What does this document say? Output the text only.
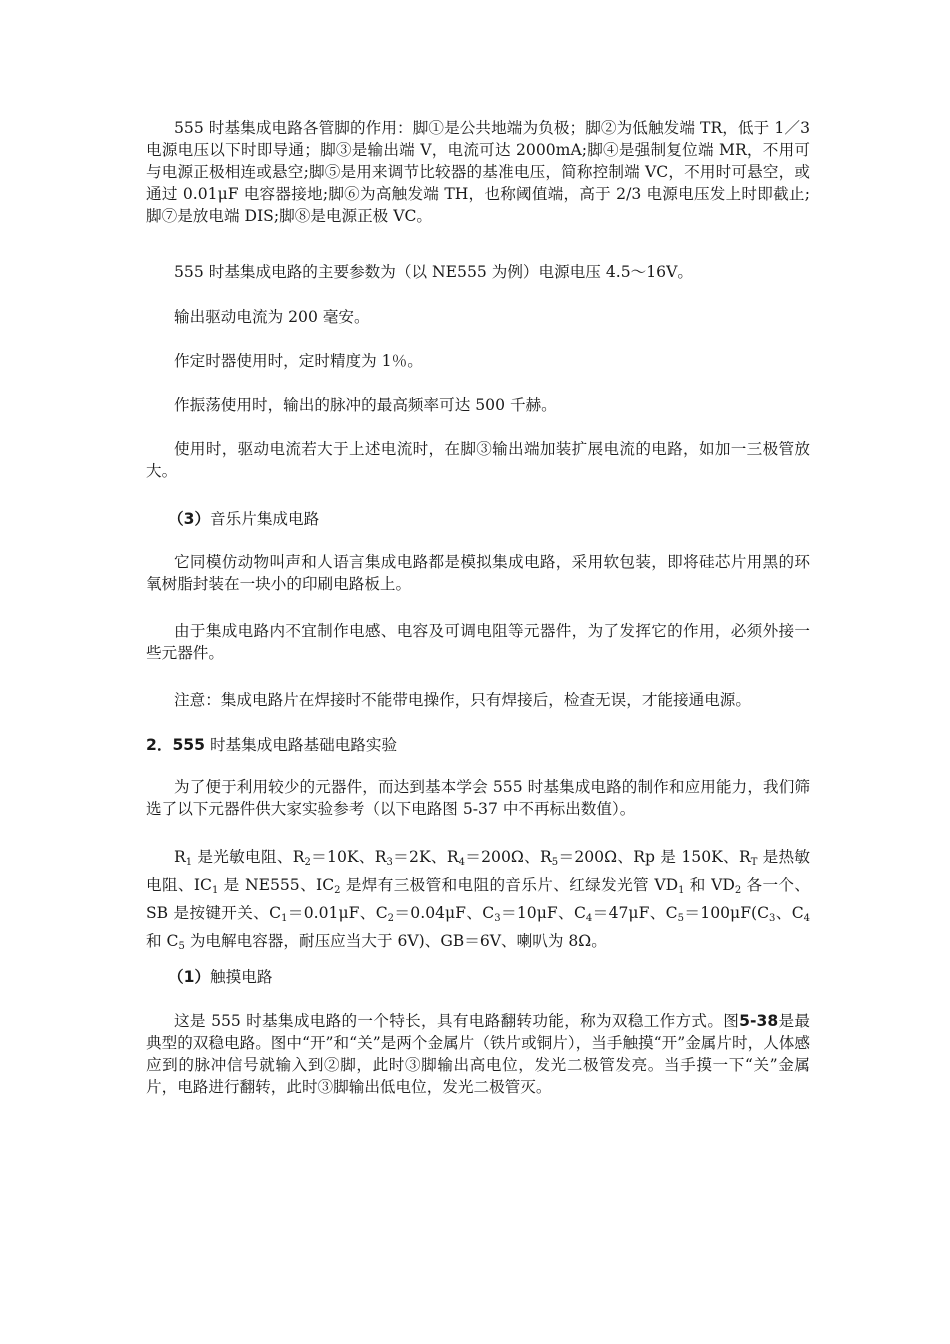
555 时基集成电路各管脚的作用：脚①是公共地端为负极；脚②为低触发端 TR，低于 1／3 电源电压以下时即导通；脚③是输出端 V，电流可达 2000mA;脚④是强制复位端 MR，不用可与电源正极相连或悬空;脚⑤是用来调节比较器的基准电压，简称控制端 VC，不用时可悬空，或通过 0.01μF 电容器接地;脚⑥为高触发端 TH，也称阈值端，高于 2/3 电源电压发上时即截止;脚⑦是放电端 DIS;脚⑧是电源正极 VC。

555 时基集成电路的主要参数为（以 NE555 为例）电源电压 4.5～16V。

输出驱动电流为 200 毫安。

作定时器使用时，定时精度为 1％。

作振荡使用时，输出的脉冲的最高频率可达 500 千赫。

使用时，驱动电流若大于上述电流时，在脚③输出端加装扩展电流的电路，如加一三极管放大。

（3）音乐片集成电路

它同模仿动物叫声和人语言集成电路都是模拟集成电路，采用软包装，即将硅芯片用黑的环氧树脂封装在一块小的印刷电路板上。

由于集成电路内不宜制作电感、电容及可调电阻等元器件，为了发挥它的作用，必须外接一些元器件。

注意：集成电路片在焊接时不能带电操作，只有焊接后，检查无误，才能接通电源。

2．555 时基集成电路基础电路实验

为了便于利用较少的元器件，而达到基本学会 555 时基集成电路的制作和应用能力，我们筛选了以下元器件供大家实验参考（以下电路图 5-37 中不再标出数值）。

$R_1$ 是光敏电阻、$R_2=10K$、$R_3=2K$、$R_4=200\Omega$、$R_5=200\Omega$、Rp 是 150K、$R_T$ 是热敏电阻、$IC_1$ 是 NE555、$IC_2$ 是焊有三极管和电阻的音乐片、红绿发光管 $VD_1$ 和 $VD_2$ 各一个、SB 是按键开关、$C_1=0.01\mu F$、$C_2=0.04\mu F$、$C_3=10\mu F$、$C_4=47\mu F$、$C_5=100\mu F(C_3$、$C_4$ 和 $C_5$ 为电解电容器，耐压应当大于 6V)、GB＝6V、喇叭为 8Ω。

（1）触摸电路

这是 555 时基集成电路的一个特长，具有电路翻转功能，称为双稳工作方式。图5-38是最典型的双稳电路。图中“开”和“关”是两个金属片（铁片或铜片），当手触摸“开”金属片时，人体感应到的脉冲信号就输入到②脚，此时③脚输出高电位，发光二极管发亮。当手摸一下“关”金属片，电路进行翻转，此时③脚输出低电位，发光二极管灭。
